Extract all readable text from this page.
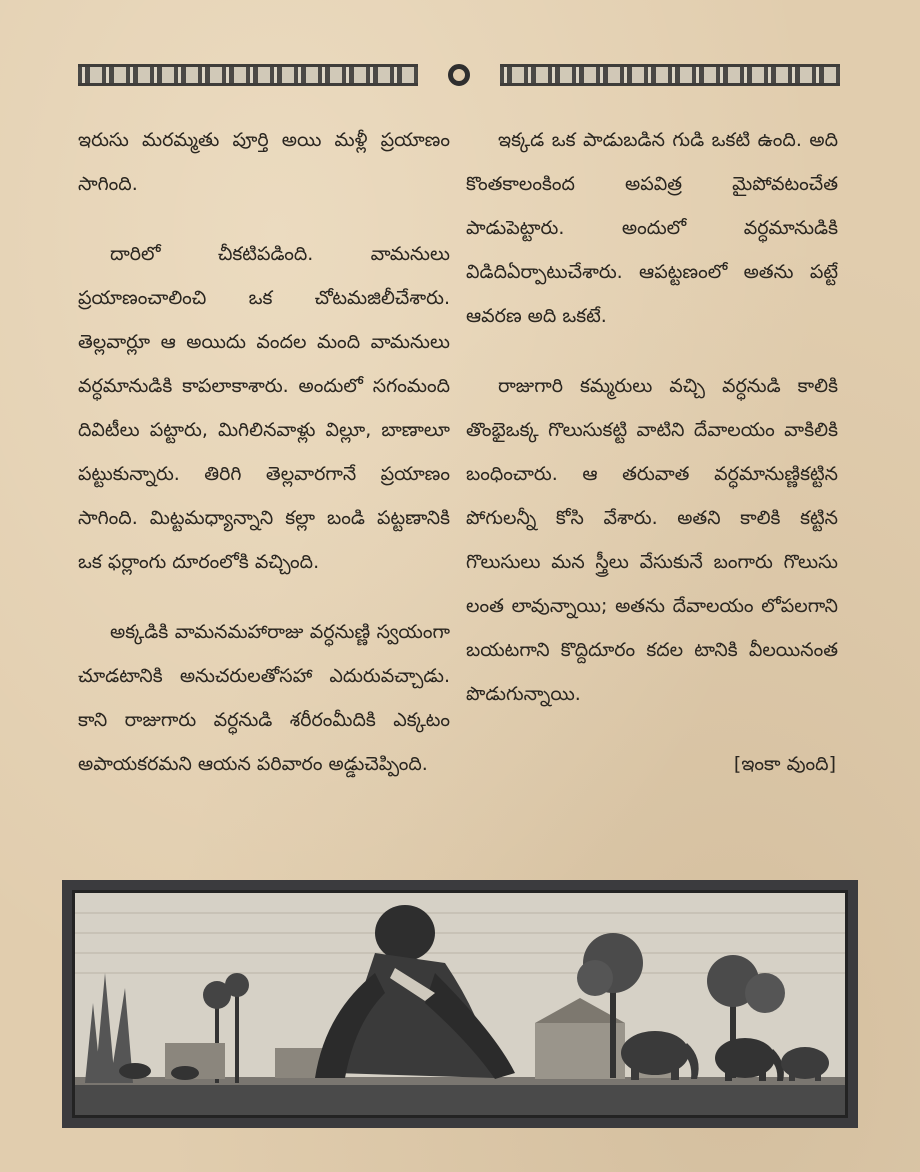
ఇరుసు మరమ్మతు పూర్తి అయి మళ్లీ ప్రయాణం సాగింది.

దారిలో చీకటిపడింది. వామనులు ప్రయాణంచాలించి ఒక చోటమజిలీచేశారు. తెల్లవార్లూ ఆ అయిదు వందల మంది వామనులు వర్ధమానుడికి కాపలాకాశారు. అందులో సగంమంది దివిటీలు పట్టారు, మిగిలినవాళ్లు విల్లూ, బాణాలూ పట్టుకున్నారు. తిరిగి తెల్లవారగానే ప్రయాణం సాగింది. మిట్టమధ్యాన్నాని కల్లా బండి పట్టణానికి ఒక ఫర్లాంగు దూరంలోకి వచ్చింది.

అక్కడికి వామనమహారాజు వర్ధనుణ్ణి స్వయంగా చూడటానికి అనుచరులతోసహా ఎదురువచ్చాడు. కాని రాజుగారు వర్ధనుడి శరీరంమీదికి ఎక్కటం అపాయకరమని ఆయన పరివారం అడ్డుచెప్పింది.

ఇక్కడ ఒక పాడుబడిన గుడి ఒకటి ఉంది. అది కొంతకాలంకింద అపవిత్ర మైపోవటంచేత పాడుపెట్టారు. అందులో వర్ధమానుడికి విడిదిఏర్పాటుచేశారు. ఆపట్టణంలో అతను పట్టే ఆవరణ అది ఒకటే.

రాజుగారి కమ్మరులు వచ్చి వర్ధనుడి కాలికి తొంభైఒక్క గొలుసుకట్టి వాటిని దేవాలయం వాకిలికి బంధించారు. ఆ తరువాత వర్ధమానుణ్ణికట్టిన పోగులన్నీ కోసి వేశారు. అతని కాలికి కట్టిన గొలుసులు మన స్త్రీలు వేసుకునే బంగారు గొలుసు లంత లావున్నాయి; అతను దేవాలయం లోపలగాని బయటగాని కొద్దిదూరం కదల టానికి వీలయినంత పొడుగున్నాయి.

[ఇంకా వుంది]
